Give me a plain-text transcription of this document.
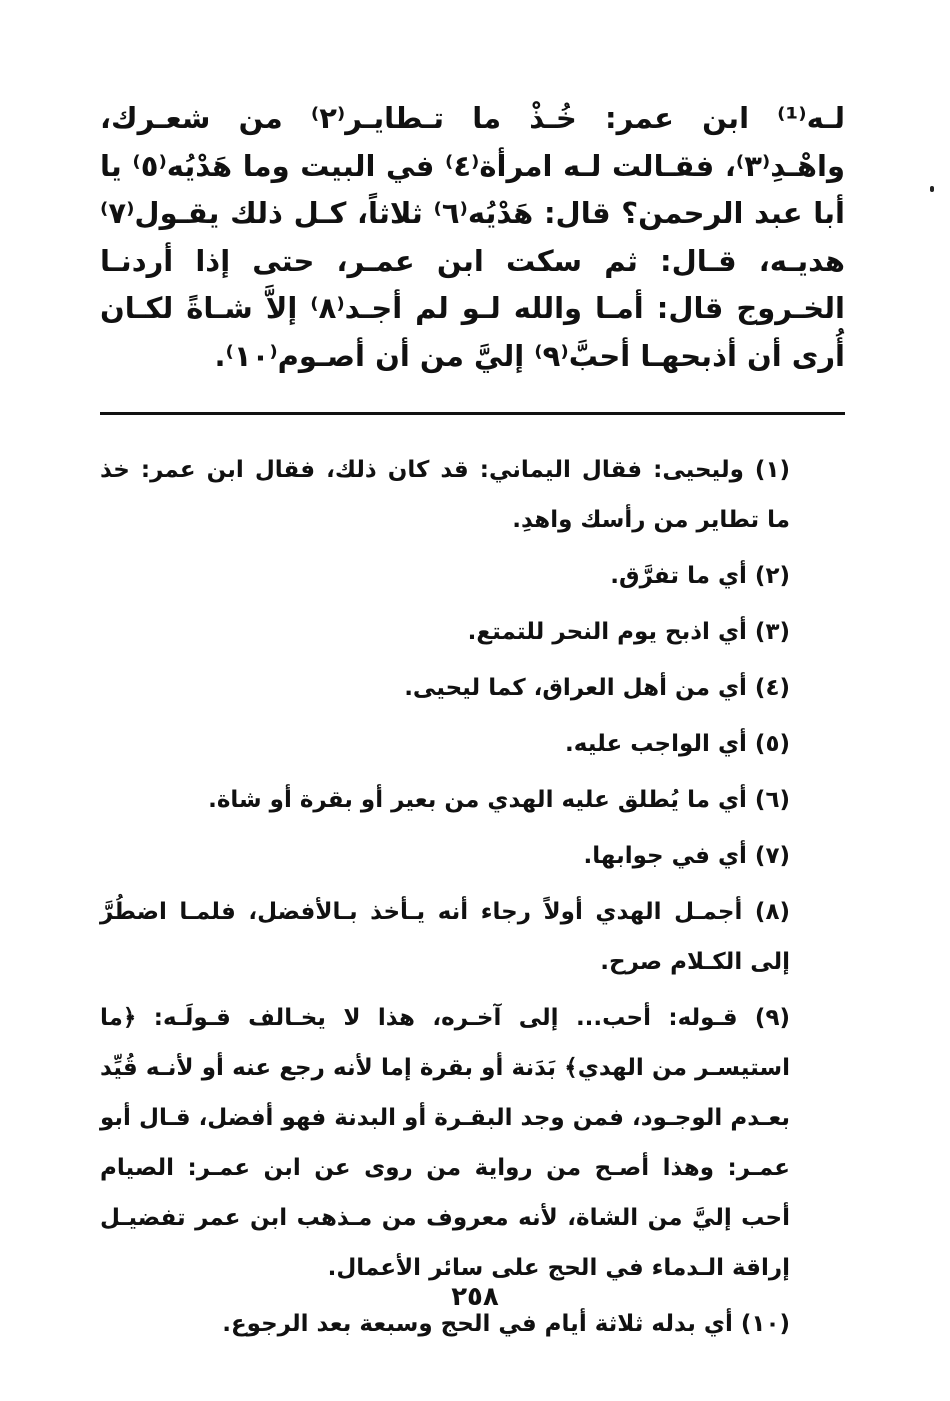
لـه⁽¹⁾ ابن عمر: خُـذْ ما تـطايـر⁽٢⁾ من شعـرك، واهْـدِ⁽٣⁾، فقـالت لـه امرأة⁽٤⁾ في البيت وما هَدْيُه⁽٥⁾ يا أبا عبد الرحمن؟ قال: هَدْيُه⁽٦⁾ ثلاثاً، كـل ذلك يقـول⁽٧⁾ هديـه، قـال: ثم سكت ابن عمـر، حتى إذا أردنـا الخـروج قال: أمـا والله لـو لم أجـد⁽٨⁾ إلاَّ شـاةً لكـان أُرى أن أذبحهـا أحبَّ⁽٩⁾ إليَّ من أن أصـوم⁽١٠⁾.

(١) وليحيى: فقال اليماني: قد كان ذلك، فقال ابن عمر: خذ ما تطاير من رأسك واهدِ.

(٢) أي ما تفرَّق.

(٣) أي اذبح يوم النحر للتمتع.

(٤) أي من أهل العراق، كما ليحيى.

(٥) أي الواجب عليه.

(٦) أي ما يُطلق عليه الهدي من بعير أو بقرة أو شاة.

(٧) أي في جوابها.

(٨) أجمـل الهدي أولاً رجاء أنه يـأخذ بـالأفضل، فلمـا اضطُرَّ إلى الكـلام صرح.

(٩) قـوله: أحب... إلى آخـره، هذا لا يخـالف قـولَـه: ﴿ما استيسـر من الهدي﴾ بَدَنة أو بقرة إما لأنه رجع عنه أو لأنـه قُيِّد بعـدم الوجـود، فمن وجد البقـرة أو البدنة فهو أفضل، قـال أبو عمـر: وهذا أصـح من رواية من روى عن ابن عمـر: الصيام أحب إليَّ من الشاة، لأنه معروف من مـذهب ابن عمر تفضيـل إراقة الـدماء في الحج على سائر الأعمال.

(١٠) أي بدله ثلاثة أيام في الحج وسبعة بعد الرجوع.

٢٥٨
